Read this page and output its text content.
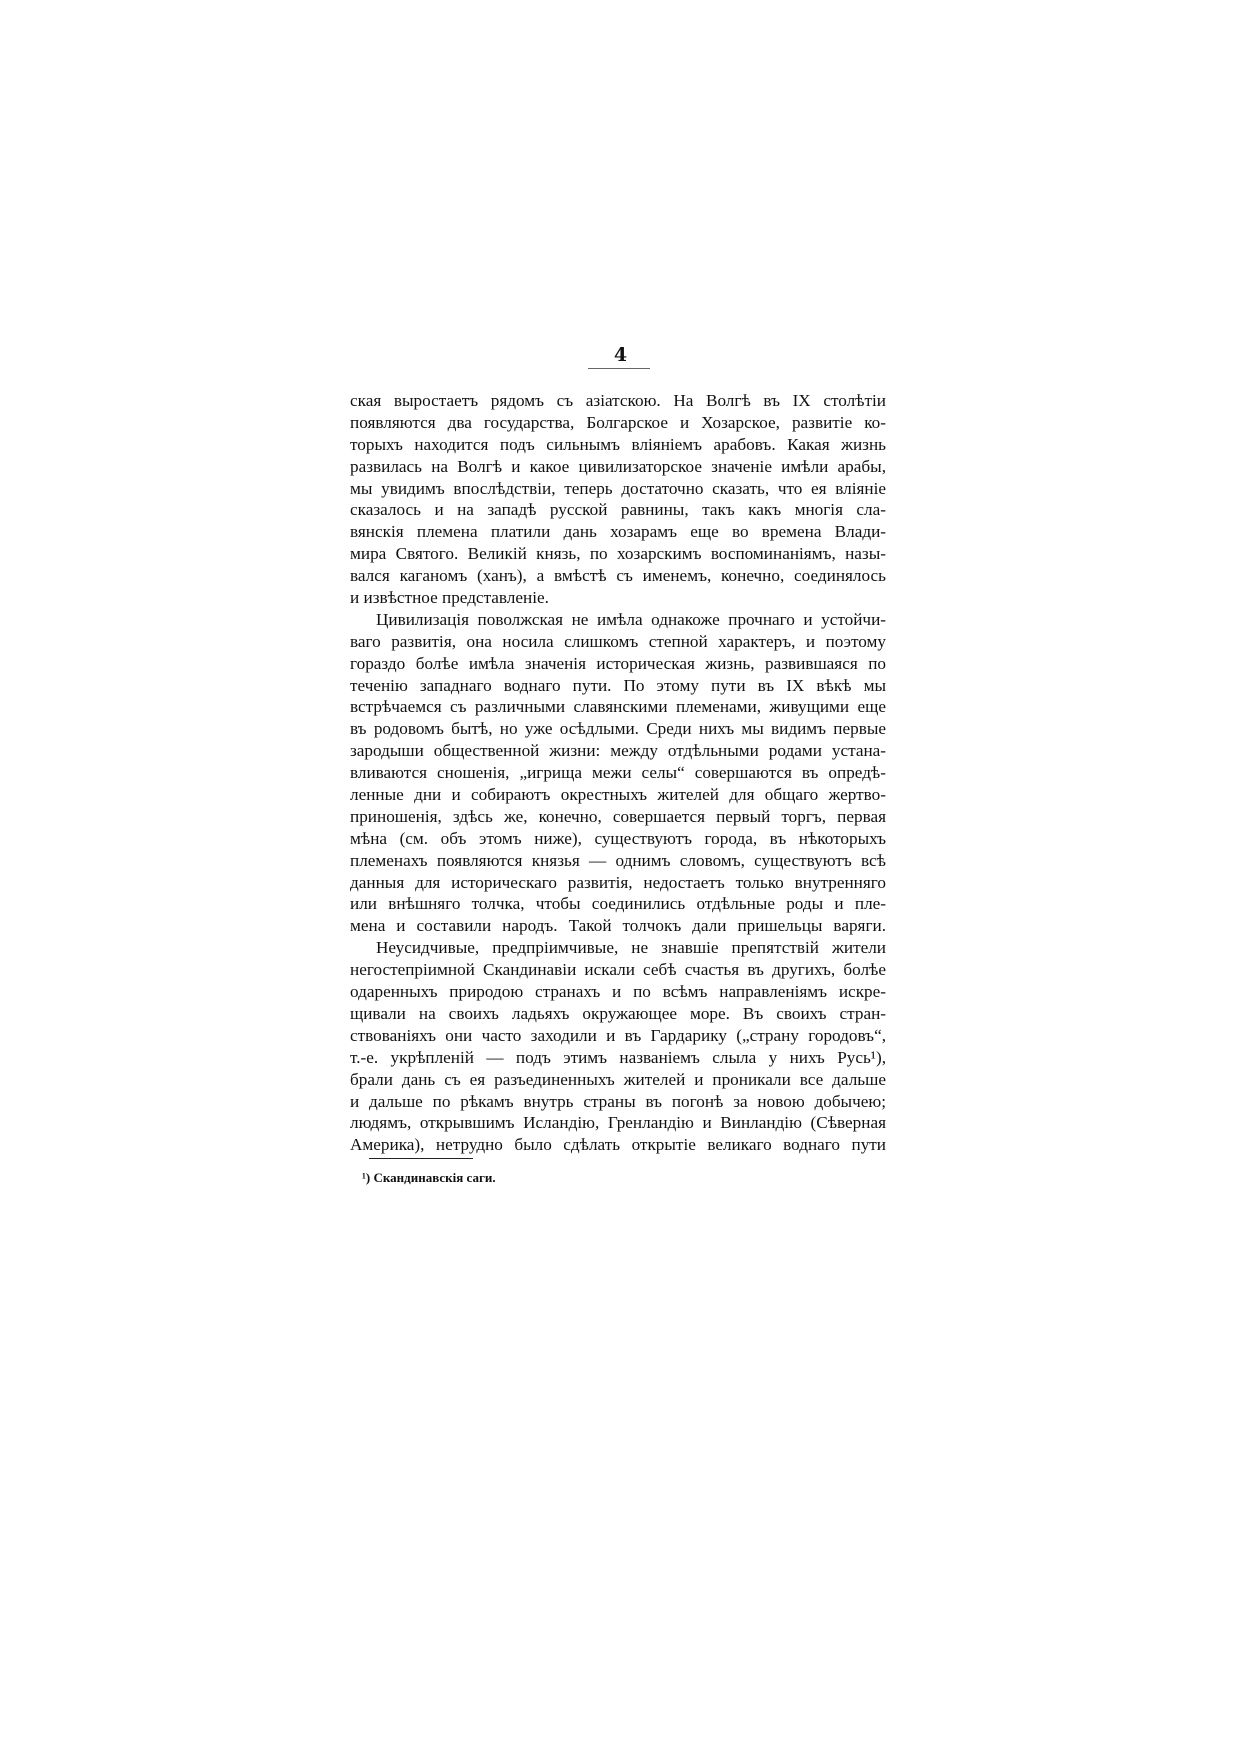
4
ская выростаетъ рядомъ съ азіатскою. На Волгѣ въ IX столѣтіи
появляются два государства, Болгарское и Хозарское, развитіе ко-
торыхъ находится подъ сильнымъ вліяніемъ арабовъ. Какая жизнь
развилась на Волгѣ и какое цивилизаторское значеніе имѣли арабы,
мы увидимъ впослѣдствіи, теперь достаточно сказать, что ея вліяніе
сказалось и на западѣ русской равнины, такъ какъ многія сла-
вянскія племена платили дань хозарамъ еще во времена Влади-
мира Святого. Великій князь, по хозарскимъ воспоминаніямъ, назы-
вался каганомъ (ханъ), а вмѣстѣ съ именемъ, конечно, соединялось
и извѣстное представленіе.
Цивилизація поволжская не имѣла однакоже прочнаго и устойчи-
ваго развитія, она носила слишкомъ степной характеръ, и поэтому
гораздо болѣе имѣла значенія историческая жизнь, развившаяся по
теченію западнаго воднаго пути. По этому пути въ IX вѣкѣ мы
встрѣчаемся съ различными славянскими племенами, живущими еще
въ родовомъ бытѣ, но уже осѣдлыми. Среди нихъ мы видимъ первые
зародыши общественной жизни: между отдѣльными родами устана-
вливаются сношенія, „игрища межи селы“ совершаются въ опредѣ-
ленные дни и собираютъ окрестныхъ жителей для общаго жертво-
приношенія, здѣсь же, конечно, совершается первый торгъ, первая
мѣна (см. объ этомъ ниже), существуютъ города, въ нѣкоторыхъ
племенахъ появляются князья — однимъ словомъ, существуютъ всѣ
данныя для историческаго развитія, недостаетъ только внутренняго
или внѣшняго толчка, чтобы соединились отдѣльные роды и пле-
мена и составили народъ. Такой толчокъ дали пришельцы варяги.
Неусидчивые, предпріимчивые, не знавшіе препятствій жители
негостепріимной Скандинавіи искали себѣ счастья въ другихъ, болѣе
одаренныхъ природою странахъ и по всѣмъ направленіямъ искре-
щивали на своихъ ладьяхъ окружающее море. Въ своихъ стран-
ствованіяхъ они часто заходили и въ Гардарику („страну городовъ“,
т.-е. укрѣпленій — подъ этимъ названіемъ слыла у нихъ Русь¹),
брали дань съ ея разъединенныхъ жителей и проникали все дальше
и дальше по рѣкамъ внутрь страны въ погонѣ за новою добычею;
людямъ, открывшимъ Исландію, Гренландію и Винландію (Сѣверная
Америка), нетрудно было сдѣлать открытіе великаго воднаго пути
¹) Скандинавскія саги.
